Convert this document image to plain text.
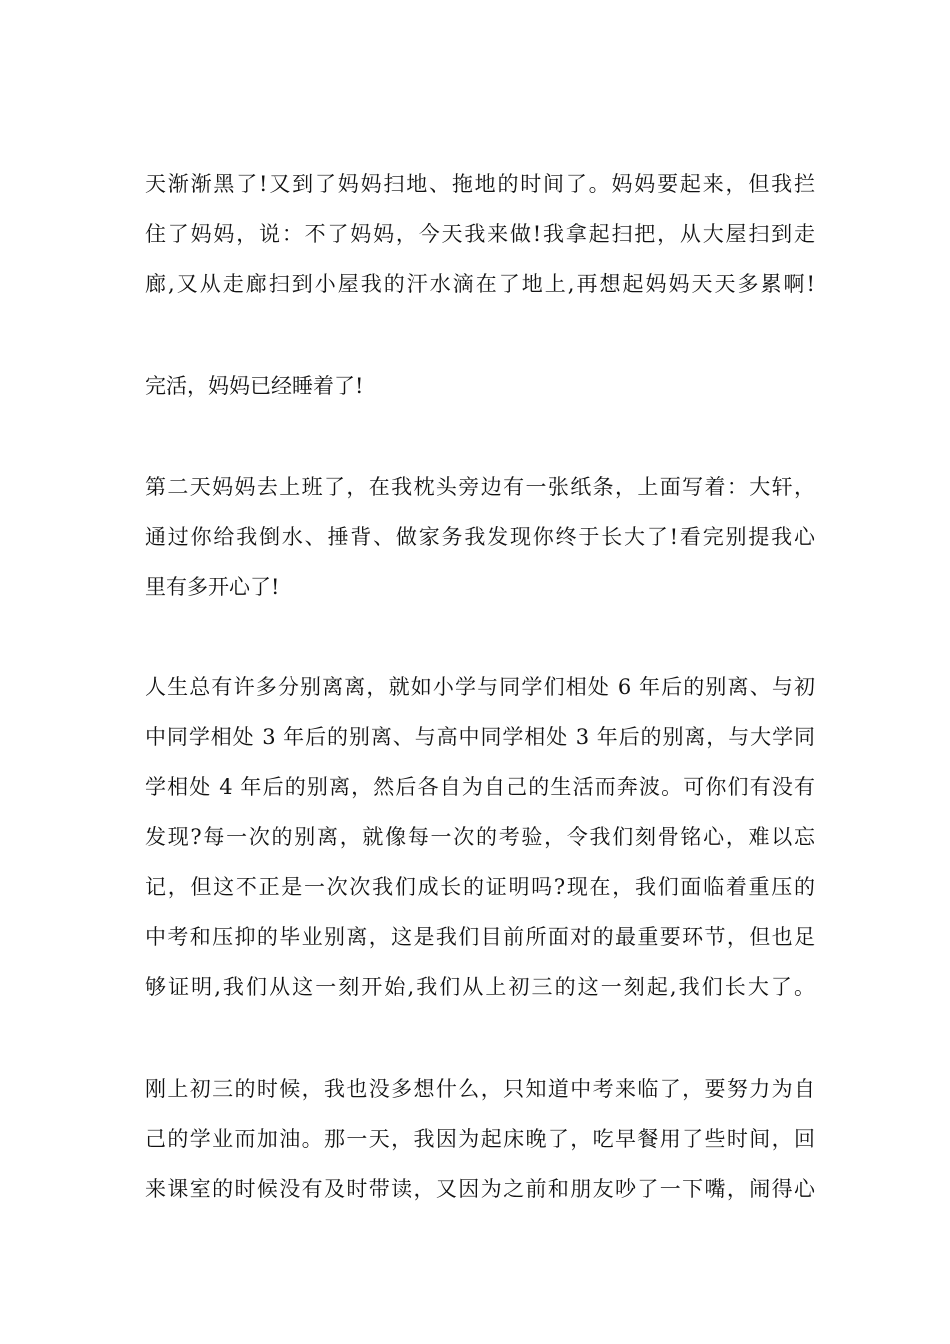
天渐渐黑了!又到了妈妈扫地、拖地的时间了。妈妈要起来，但我拦

住了妈妈，说：不了妈妈，今天我来做!我拿起扫把，从大屋扫到走

廊,又从走廊扫到小屋我的汗水滴在了地上,再想起妈妈天天多累啊!

完活，妈妈已经睡着了!

第二天妈妈去上班了，在我枕头旁边有一张纸条，上面写着：大轩，

通过你给我倒水、捶背、做家务我发现你终于长大了!看完别提我心

里有多开心了!

人生总有许多分别离离，就如小学与同学们相处 6 年后的别离、与初

中同学相处 3 年后的别离、与高中同学相处 3 年后的别离，与大学同

学相处 4 年后的别离，然后各自为自己的生活而奔波。可你们有没有

发现?每一次的别离，就像每一次的考验，令我们刻骨铭心，难以忘

记，但这不正是一次次我们成长的证明吗?现在，我们面临着重压的

中考和压抑的毕业别离，这是我们目前所面对的最重要环节，但也足

够证明,我们从这一刻开始,我们从上初三的这一刻起,我们长大了。

刚上初三的时候，我也没多想什么，只知道中考来临了，要努力为自

己的学业而加油。那一天，我因为起床晚了，吃早餐用了些时间，回

来课室的时候没有及时带读，又因为之前和朋友吵了一下嘴，闹得心
